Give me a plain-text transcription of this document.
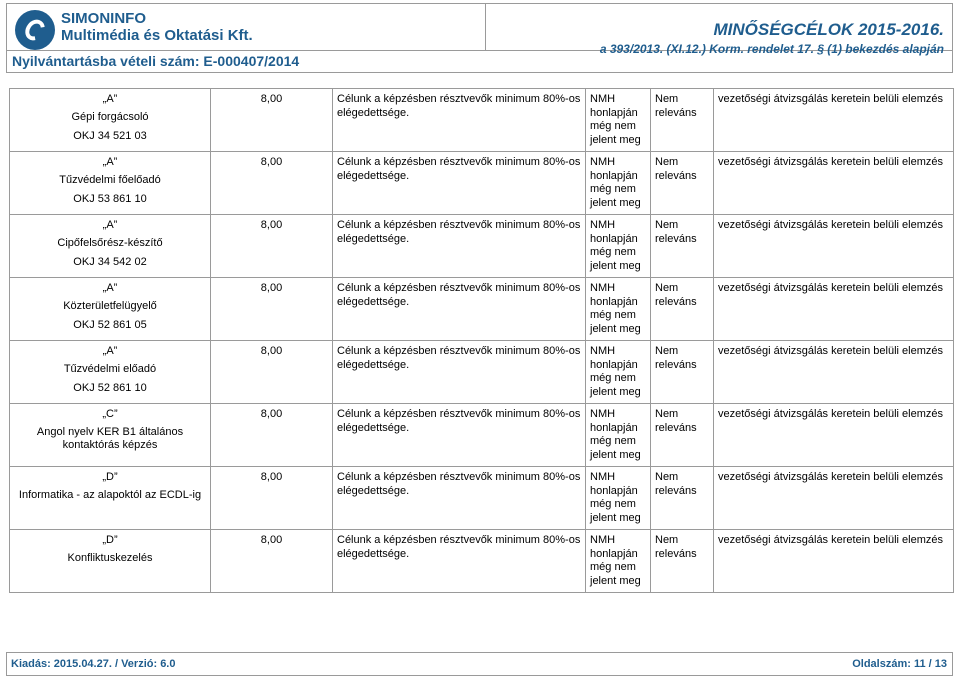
SIMONINFO
Multimédia és Oktatási Kft.
Nyilvántartásba vételi szám: E-000407/2014
MINŐSÉGCÉLOK 2015-2016.
a 393/2013. (XI.12.) Korm. rendelet 17. § (1) bekezdés alapján
„A”
Gépi forgácsoló
OKJ 34 521 03	8,00	Célunk a képzésben résztvevők minimum 80%-os elégedettsége.	NMH honlapján még nem jelent meg	Nem releváns	vezetőségi átvizsgálás keretein belüli elemzés

„A”
Tűzvédelmi főelőadó
OKJ 53 861 10	8,00	Célunk a képzésben résztvevők minimum 80%-os elégedettsége.	NMH honlapján még nem jelent meg	Nem releváns	vezetőségi átvizsgálás keretein belüli elemzés

„A”
Cipőfelsőrész-készítő
OKJ 34 542 02	8,00	Célunk a képzésben résztvevők minimum 80%-os elégedettsége.	NMH honlapján még nem jelent meg	Nem releváns	vezetőségi átvizsgálás keretein belüli elemzés

„A”
Közterületfelügyelő
OKJ 52 861 05	8,00	Célunk a képzésben résztvevők minimum 80%-os elégedettsége.	NMH honlapján még nem jelent meg	Nem releváns	vezetőségi átvizsgálás keretein belüli elemzés

„A”
Tűzvédelmi előadó
OKJ 52 861 10	8,00	Célunk a képzésben résztvevők minimum 80%-os elégedettsége.	NMH honlapján még nem jelent meg	Nem releváns	vezetőségi átvizsgálás keretein belüli elemzés

„C”
Angol nyelv KER B1 általános kontaktórás képzés	8,00	Célunk a képzésben résztvevők minimum 80%-os elégedettsége.	NMH honlapján még nem jelent meg	Nem releváns	vezetőségi átvizsgálás keretein belüli elemzés

„D”
Informatika - az alapoktól az ECDL-ig	8,00	Célunk a képzésben résztvevők minimum 80%-os elégedettsége.	NMH honlapján még nem jelent meg	Nem releváns	vezetőségi átvizsgálás keretein belüli elemzés

„D”
Konfliktuskezelés	8,00	Célunk a képzésben résztvevők minimum 80%-os elégedettsége.	NMH honlapján még nem jelent meg	Nem releváns	vezetőségi átvizsgálás keretein belüli elemzés
Kiadás: 2015.04.27. / Verzió: 6.0	Oldalszám: 11 / 13
